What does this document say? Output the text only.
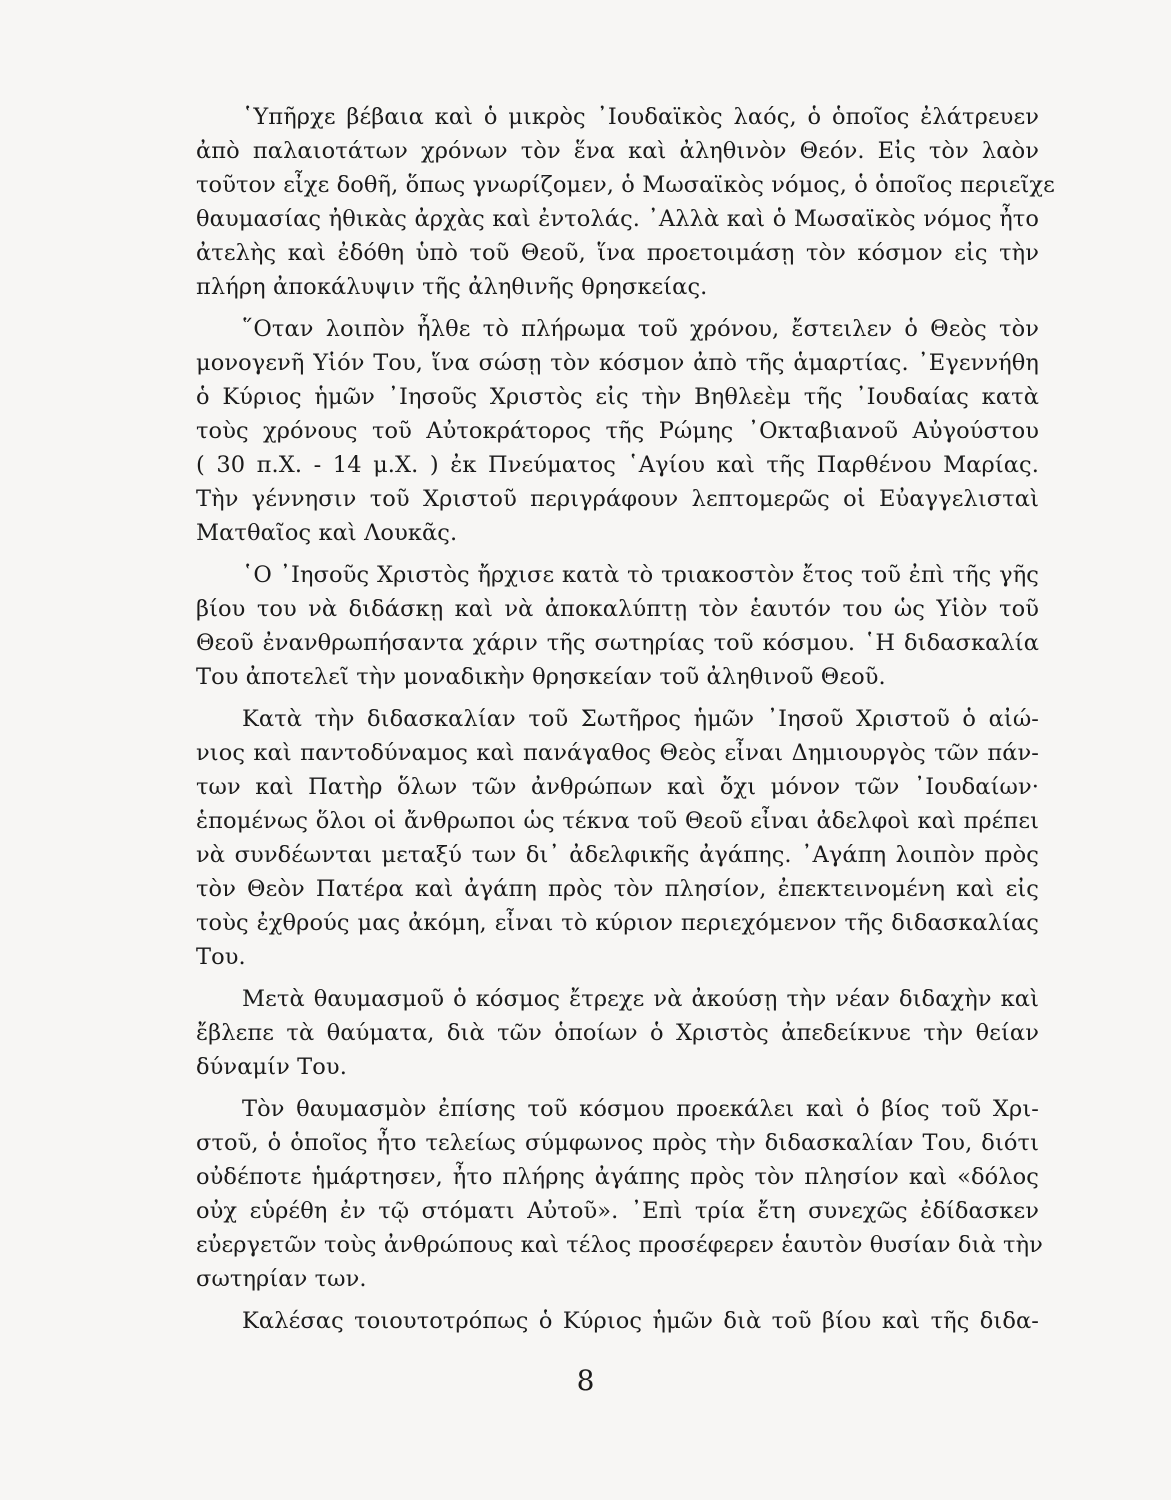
῾Υπῆρχε βέβαια καὶ ὁ μικρὸς ᾿Ιουδαϊκὸς λαός, ὁ ὁποῖος ἐλάτρευεν
ἀπὸ παλαιοτάτων χρόνων τὸν ἕνα καὶ ἀληθινὸν Θεόν. Εἰς τὸν λαὸν
τοῦτον εἶχε δοθῆ, ὅπως γνωρίζομεν, ὁ Μωσαϊκὸς νόμος, ὁ ὁποῖος περιεῖχε
θαυμασίας ἠθικὰς ἀρχὰς καὶ ἐντολάς. ᾿Αλλὰ καὶ ὁ Μωσαϊκὸς νόμος ἦτο
ἀτελὴς καὶ ἐδόθη ὑπὸ τοῦ Θεοῦ, ἵνα προετοιμάσῃ τὸν κόσμον εἰς τὴν
πλήρη ἀποκάλυψιν τῆς ἀληθινῆς θρησκείας.
῞Οταν λοιπὸν ἦλθε τὸ πλήρωμα τοῦ χρόνου, ἔστειλεν ὁ Θεὸς τὸν
μονογενῆ Υἱόν Του, ἵνα σώσῃ τὸν κόσμον ἀπὸ τῆς ἁμαρτίας. ᾿Εγεννήθη
ὁ Κύριος ἡμῶν ᾿Ιησοῦς Χριστὸς εἰς τὴν Βηθλεὲμ τῆς ᾿Ιουδαίας κατὰ
τοὺς χρόνους τοῦ Αὐτοκράτορος τῆς Ρώμης ᾿Οκταβιανοῦ Αὐγούστου
( 30 π.Χ. - 14 μ.Χ. ) ἐκ Πνεύματος ῾Αγίου καὶ τῆς Παρθένου Μαρίας.
Τὴν γέννησιν τοῦ Χριστοῦ περιγράφουν λεπτομερῶς οἱ Εὐαγγελισταὶ
Ματθαῖος καὶ Λουκᾶς.
῾Ο ᾿Ιησοῦς Χριστὸς ἤρχισε κατὰ τὸ τριακοστὸν ἔτος τοῦ ἐπὶ τῆς γῆς
βίου του νὰ διδάσκῃ καὶ νὰ ἀποκαλύπτῃ τὸν ἑαυτόν του ὡς Υἱὸν τοῦ
Θεοῦ ἐνανθρωπήσαντα χάριν τῆς σωτηρίας τοῦ κόσμου. ῾Η διδασκαλία
Του ἀποτελεῖ τὴν μοναδικὴν θρησκείαν τοῦ ἀληθινοῦ Θεοῦ.
Κατὰ τὴν διδασκαλίαν τοῦ Σωτῆρος ἡμῶν ᾿Ιησοῦ Χριστοῦ ὁ αἰώ-
νιος καὶ παντοδύναμος καὶ πανάγαθος Θεὸς εἶναι Δημιουργὸς τῶν πάν-
των καὶ Πατὴρ ὅλων τῶν ἀνθρώπων καὶ ὄχι μόνον τῶν ᾿Ιουδαίων·
ἑπομένως ὅλοι οἱ ἄνθρωποι ὡς τέκνα τοῦ Θεοῦ εἶναι ἀδελφοὶ καὶ πρέπει
νὰ συνδέωνται μεταξύ των δι᾿ ἀδελφικῆς ἀγάπης. ᾿Αγάπη λοιπὸν πρὸς
τὸν Θεὸν Πατέρα καὶ ἀγάπη πρὸς τὸν πλησίον, ἐπεκτεινομένη καὶ εἰς
τοὺς ἐχθρούς μας ἀκόμη, εἶναι τὸ κύριον περιεχόμενον τῆς διδασκαλίας
Του.
Μετὰ θαυμασμοῦ ὁ κόσμος ἔτρεχε νὰ ἀκούσῃ τὴν νέαν διδαχὴν καὶ
ἔβλεπε τὰ θαύματα, διὰ τῶν ὁποίων ὁ Χριστὸς ἀπεδείκνυε τὴν θείαν
δύναμίν Του.
Τὸν θαυμασμὸν ἐπίσης τοῦ κόσμου προεκάλει καὶ ὁ βίος τοῦ Χρι-
στοῦ, ὁ ὁποῖος ἦτο τελείως σύμφωνος πρὸς τὴν διδασκαλίαν Του, διότι
οὐδέποτε ἡμάρτησεν, ἦτο πλήρης ἀγάπης πρὸς τὸν πλησίον καὶ «δόλος
οὐχ εὑρέθη ἐν τῷ στόματι Αὐτοῦ». ᾿Επὶ τρία ἔτη συνεχῶς ἐδίδασκεν
εὐεργετῶν τοὺς ἀνθρώπους καὶ τέλος προσέφερεν ἑαυτὸν θυσίαν διὰ τὴν
σωτηρίαν των.
Καλέσας τοιουτοτρόπως ὁ Κύριος ἡμῶν διὰ τοῦ βίου καὶ τῆς διδα-
8
